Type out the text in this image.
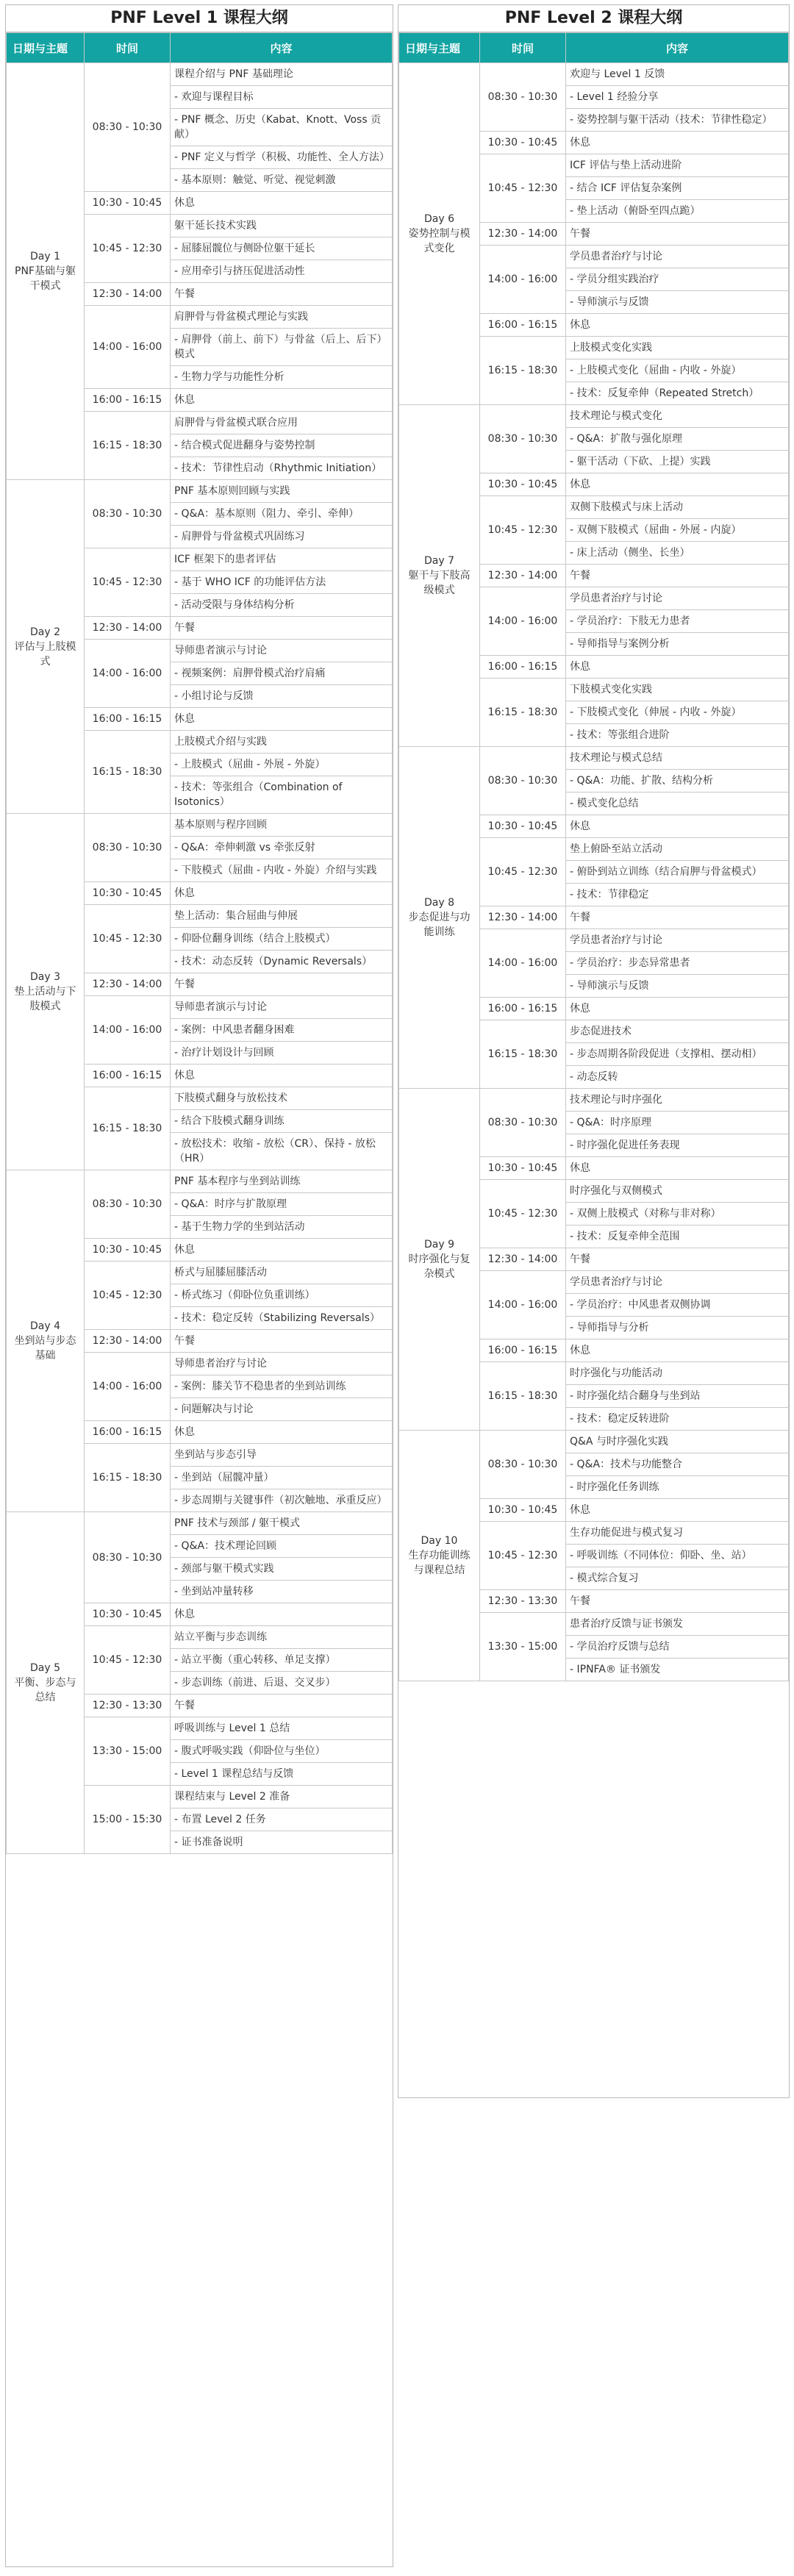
PNF Level 1 课程大纲
日期与主题	时间	内容

Day 1
PNF基础与躯干模式	08:30 - 10:30	课程介绍与 PNF 基础理论
		- 欢迎与课程目标
		- PNF 概念、历史（Kabat、Knott、Voss 贡献）
		- PNF 定义与哲学（积极、功能性、全人方法）
		- 基本原则：触觉、听觉、视觉刺激
	10:30 - 10:45	休息
	10:45 - 12:30	躯干延长技术实践
		- 屈膝屈髋位与侧卧位躯干延长
		- 应用牵引与挤压促进活动性
	12:30 - 14:00	午餐
	14:00 - 16:00	肩胛骨与骨盆模式理论与实践
		- 肩胛骨（前上、前下）与骨盆（后上、后下）模式
		- 生物力学与功能性分析
	16:00 - 16:15	休息
	16:15 - 18:30	肩胛骨与骨盆模式联合应用
		- 结合模式促进翻身与姿势控制
		- 技术：节律性启动（Rhythmic Initiation）

Day 2
评估与上肢模式	08:30 - 10:30	PNF 基本原则回顾与实践
		- Q&A：基本原则（阻力、牵引、牵伸）
		- 肩胛骨与骨盆模式巩固练习
	10:45 - 12:30	ICF 框架下的患者评估
		- 基于 WHO ICF 的功能评估方法
		- 活动受限与身体结构分析
	12:30 - 14:00	午餐
	14:00 - 16:00	导师患者演示与讨论
		- 视频案例：肩胛骨模式治疗肩痛
		- 小组讨论与反馈
	16:00 - 16:15	休息
	16:15 - 18:30	上肢模式介绍与实践
		- 上肢模式（屈曲 - 外展 - 外旋）
		- 技术：等张组合（Combination of Isotonics）

Day 3
垫上活动与下肢模式	08:30 - 10:30	基本原则与程序回顾
		- Q&A：牵伸刺激 vs 牵张反射
		- 下肢模式（屈曲 - 内收 - 外旋）介绍与实践
	10:30 - 10:45	休息
	10:45 - 12:30	垫上活动：集合屈曲与伸展
		- 仰卧位翻身训练（结合上肢模式）
		- 技术：动态反转（Dynamic Reversals）
	12:30 - 14:00	午餐
	14:00 - 16:00	导师患者演示与讨论
		- 案例：中风患者翻身困难
		- 治疗计划设计与回顾
	16:00 - 16:15	休息
	16:15 - 18:30	下肢模式翻身与放松技术
		- 结合下肢模式翻身训练
		- 放松技术：收缩 - 放松（CR）、保持 - 放松（HR）

Day 4
坐到站与步态基础	08:30 - 10:30	PNF 基本程序与坐到站训练
		- Q&A：时序与扩散原理
		- 基于生物力学的坐到站活动
	10:30 - 10:45	休息
	10:45 - 12:30	桥式与屈膝屈膝活动
		- 桥式练习（仰卧位负重训练）
		- 技术：稳定反转（Stabilizing Reversals）
	12:30 - 14:00	午餐
	14:00 - 16:00	导师患者治疗与讨论
		- 案例：膝关节不稳患者的坐到站训练
		- 问题解决与讨论
	16:00 - 16:15	休息
	16:15 - 18:30	坐到站与步态引导
		- 坐到站（屈髋冲量）
		- 步态周期与关键事件（初次触地、承重反应）

Day 5
平衡、步态与总结	08:30 - 10:30	PNF 技术与颈部 / 躯干模式
		- Q&A：技术理论回顾
		- 颈部与躯干模式实践
		- 坐到站冲量转移
	10:30 - 10:45	休息
	10:45 - 12:30	站立平衡与步态训练
		- 站立平衡（重心转移、单足支撑）
		- 步态训练（前进、后退、交叉步）
	12:30 - 13:30	午餐
	13:30 - 15:00	呼吸训练与 Level 1 总结
		- 腹式呼吸实践（仰卧位与坐位）
		- Level 1 课程总结与反馈
	15:00 - 15:30	课程结束与 Level 2 准备
		- 布置 Level 2 任务
		- 证书准备说明
PNF Level 2 课程大纲
日期与主题	时间	内容

Day 6
姿势控制与模式变化	08:30 - 10:30	欢迎与 Level 1 反馈
		- Level 1 经验分享
		- 姿势控制与躯干活动（技术：节律性稳定）
	10:30 - 10:45	休息
	10:45 - 12:30	ICF 评估与垫上活动进阶
		- 结合 ICF 评估复杂案例
		- 垫上活动（俯卧至四点跪）
	12:30 - 14:00	午餐
	14:00 - 16:00	学员患者治疗与讨论
		- 学员分组实践治疗
		- 导师演示与反馈
	16:00 - 16:15	休息
	16:15 - 18:30	上肢模式变化实践
		- 上肢模式变化（屈曲 - 内收 - 外旋）
		- 技术：反复牵伸（Repeated Stretch）

Day 7
躯干与下肢高级模式	08:30 - 10:30	技术理论与模式变化
		- Q&A：扩散与强化原理
		- 躯干活动（下砍、上提）实践
	10:30 - 10:45	休息
	10:45 - 12:30	双侧下肢模式与床上活动
		- 双侧下肢模式（屈曲 - 外展 - 内旋）
		- 床上活动（侧坐、长坐）
	12:30 - 14:00	午餐
	14:00 - 16:00	学员患者治疗与讨论
		- 学员治疗：下肢无力患者
		- 导师指导与案例分析
	16:00 - 16:15	休息
	16:15 - 18:30	下肢模式变化实践
		- 下肢模式变化（伸展 - 内收 - 外旋）
		- 技术：等张组合进阶

Day 8
步态促进与功能训练	08:30 - 10:30	技术理论与模式总结
		- Q&A：功能、扩散、结构分析
		- 模式变化总结
	10:30 - 10:45	休息
	10:45 - 12:30	垫上俯卧至站立活动
		- 俯卧到站立训练（结合肩胛与骨盆模式）
		- 技术：节律稳定
	12:30 - 14:00	午餐
	14:00 - 16:00	学员患者治疗与讨论
		- 学员治疗：步态异常患者
		- 导师演示与反馈
	16:00 - 16:15	休息
	16:15 - 18:30	步态促进技术
		- 步态周期各阶段促进（支撑相、摆动相）
		- 动态反转

Day 9
时序强化与复杂模式	08:30 - 10:30	技术理论与时序强化
		- Q&A：时序原理
		- 时序强化促进任务表现
	10:30 - 10:45	休息
	10:45 - 12:30	时序强化与双侧模式
		- 双侧上肢模式（对称与非对称）
		- 技术：反复牵伸全范围
	12:30 - 14:00	午餐
	14:00 - 16:00	学员患者治疗与讨论
		- 学员治疗：中风患者双侧协调
		- 导师指导与分析
	16:00 - 16:15	休息
	16:15 - 18:30	时序强化与功能活动
		- 时序强化结合翻身与坐到站
		- 技术：稳定反转进阶

Day 10
生存功能训练与课程总结	08:30 - 10:30	Q&A 与时序强化实践
		- Q&A：技术与功能整合
		- 时序强化任务训练
	10:30 - 10:45	休息
	10:45 - 12:30	生存功能促进与模式复习
		- 呼吸训练（不同体位：仰卧、坐、站）
		- 模式综合复习
	12:30 - 13:30	午餐
	13:30 - 15:00	患者治疗反馈与证书颁发
		- 学员治疗反馈与总结
		- IPNFA® 证书颁发
